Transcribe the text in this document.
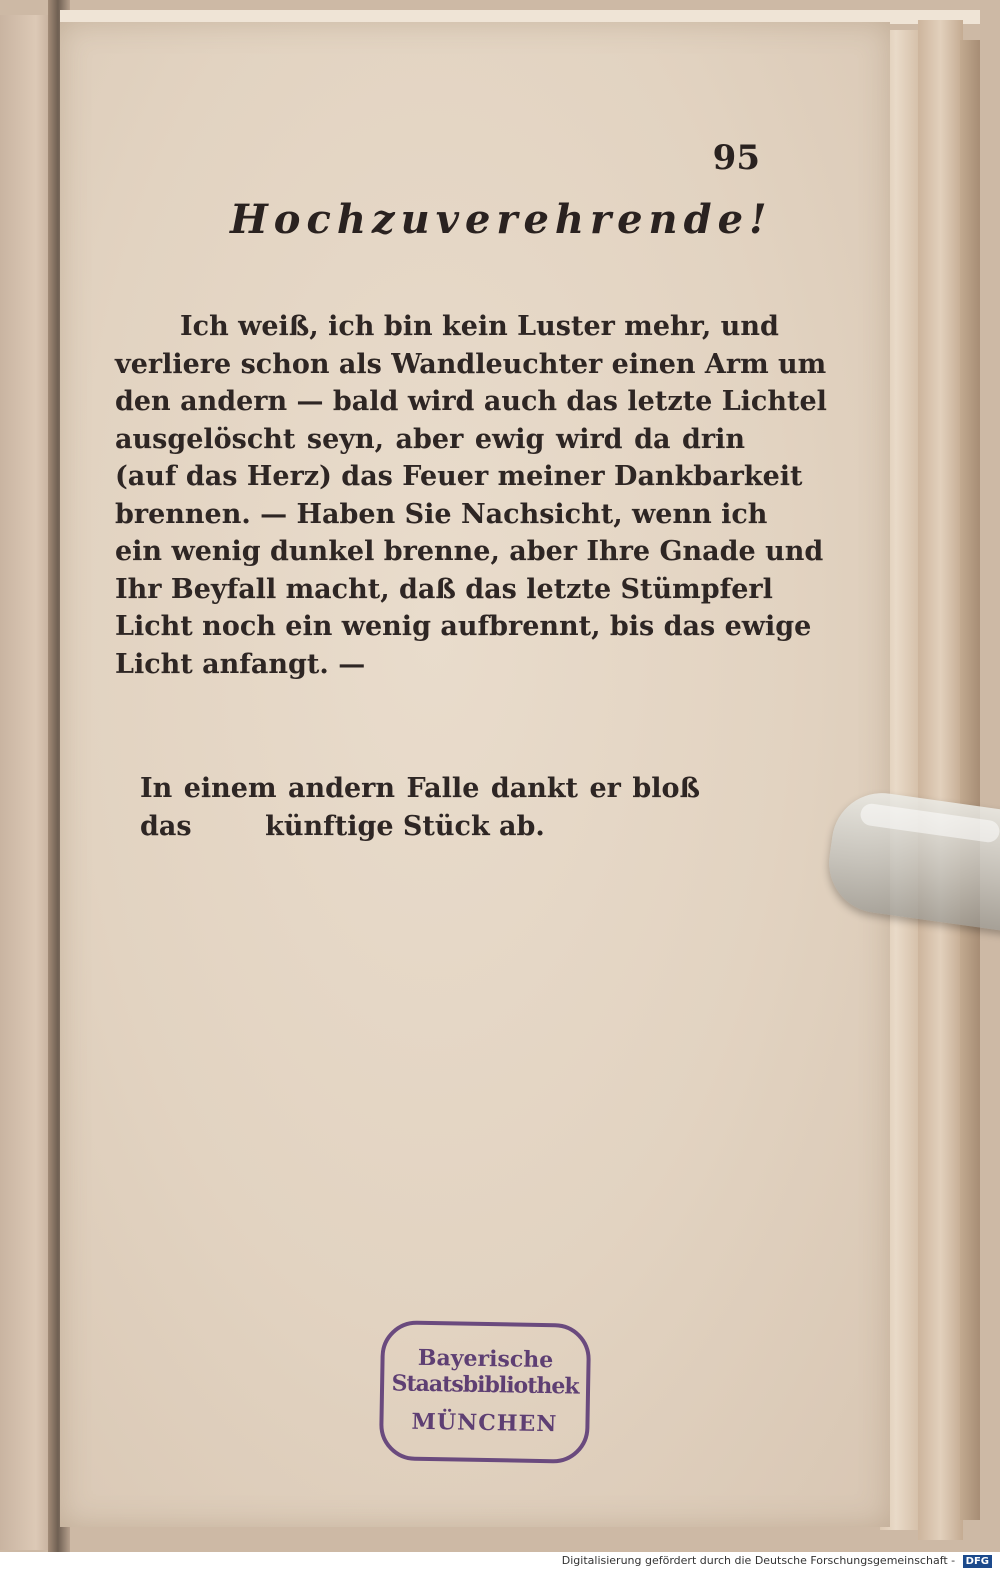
95
Hochzuverehrende!
Ich weiß, ich bin kein Luster mehr, und
verliere schon als Wandleuchter einen Arm um
den andern — bald wird auch das letzte Lichtel
ausgelöscht seyn, aber ewig wird da drin
(auf das Herz) das Feuer meiner Dankbarkeit
brennen. — Haben Sie Nachsicht, wenn ich
ein wenig dunkel brenne, aber Ihre Gnade und
Ihr Beyfall macht, daß das letzte Stümpferl
Licht noch ein wenig aufbrennt, bis das ewige
Licht anfangt. —
In einem andern Falle dankt er bloß das	künftige Stück ab.
Bayerische
Staatsbibliothek
MÜNCHEN
Digitalisierung gefördert durch die Deutsche Forschungsgemeinschaft - DFG
